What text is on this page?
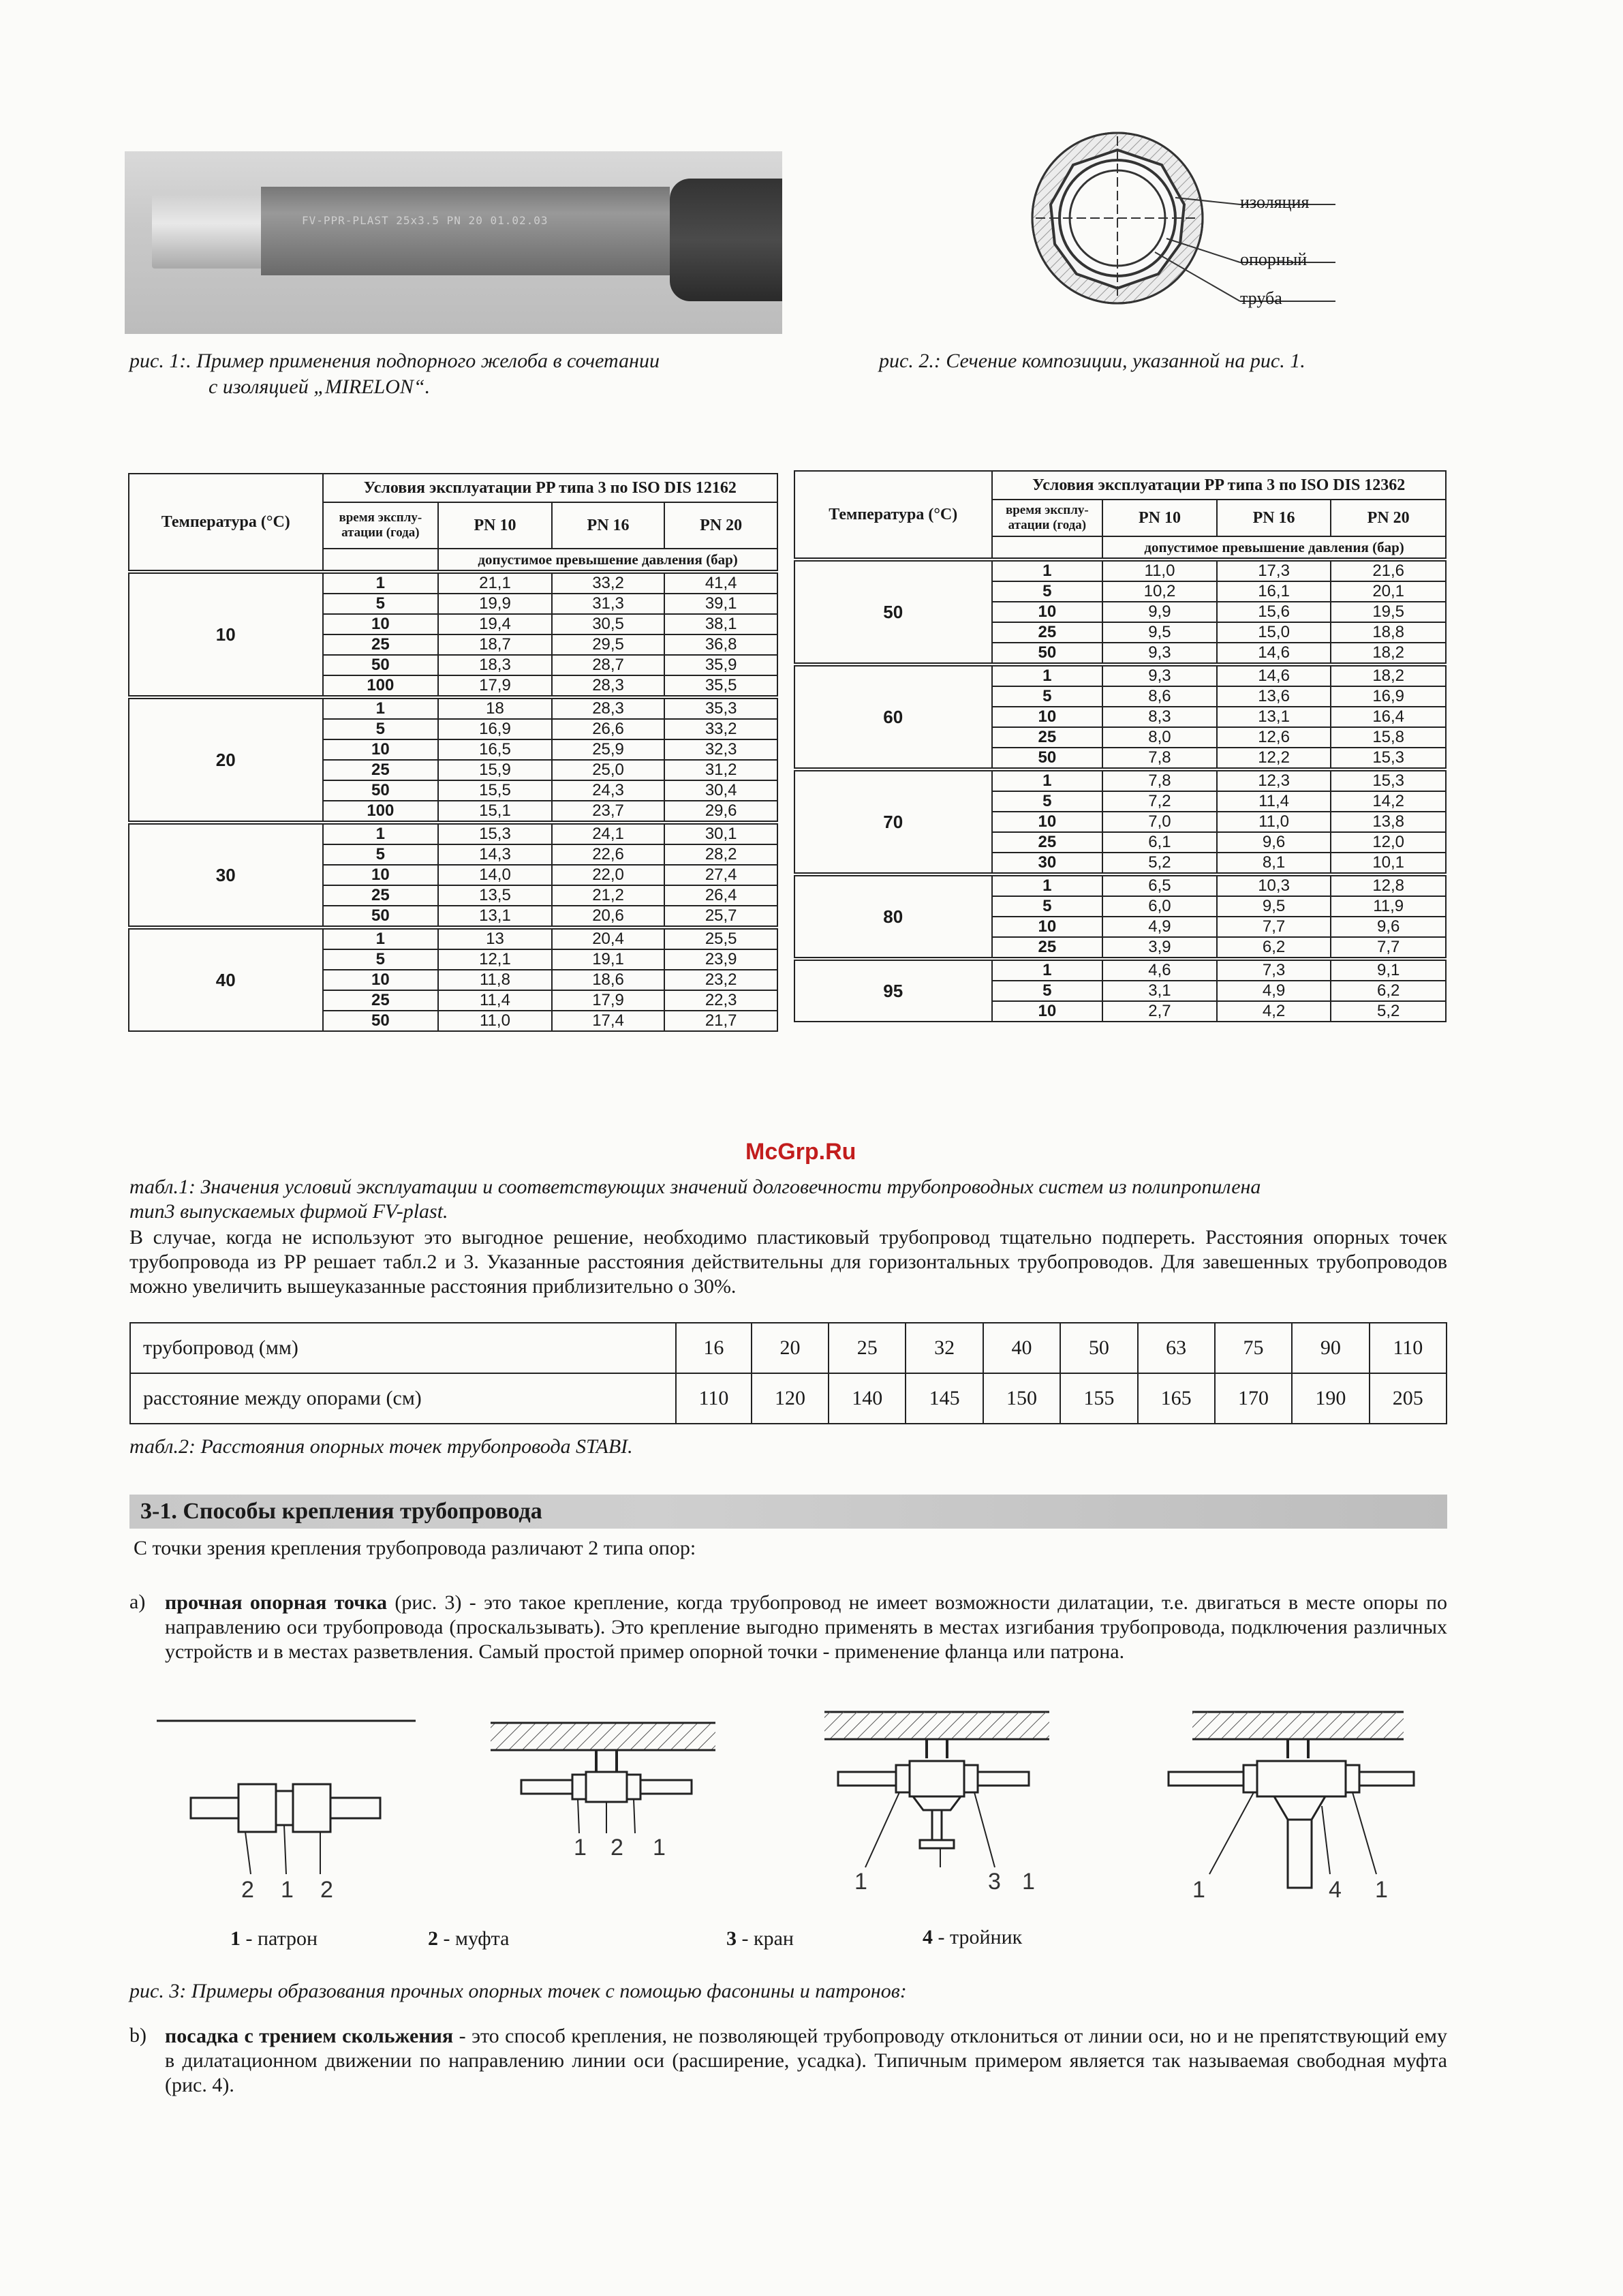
FV-PPR-PLAST 25x3.5 PN 20 01.02.03
рис. 1:. Пример применения подпорного желоба в сочетании
с изоляцией „MIRELON“.
изоляция
опорный
труба
рис. 2.: Сечение композиции, указанной на рис. 1.
Температура (°C)	Условия эксплуатации PP типа 3 по ISO DIS 12162			
	время эксплу-атации (года)	PN 10	PN 16	PN 20
		допустимое превышение давления (бар)		
10	1	21,1	33,2	41,4
	5	19,9	31,3	39,1
	10	19,4	30,5	38,1
	25	18,7	29,5	36,8
	50	18,3	28,7	35,9
	100	17,9	28,3	35,5
20	1	18	28,3	35,3
	5	16,9	26,6	33,2
	10	16,5	25,9	32,3
	25	15,9	25,0	31,2
	50	15,5	24,3	30,4
	100	15,1	23,7	29,6
30	1	15,3	24,1	30,1
	5	14,3	22,6	28,2
	10	14,0	22,0	27,4
	25	13,5	21,2	26,4
	50	13,1	20,6	25,7
40	1	13	20,4	25,5
	5	12,1	19,1	23,9
	10	11,8	18,6	23,2
	25	11,4	17,9	22,3
	50	11,0	17,4	21,7
Температура (°C)	Условия эксплуатации PP типа 3 по ISO DIS 12362			
	время эксплу-атации (года)	PN 10	PN 16	PN 20
		допустимое превышение давления (бар)		
50	1	11,0	17,3	21,6
	5	10,2	16,1	20,1
	10	9,9	15,6	19,5
	25	9,5	15,0	18,8
	50	9,3	14,6	18,2
60	1	9,3	14,6	18,2
	5	8,6	13,6	16,9
	10	8,3	13,1	16,4
	25	8,0	12,6	15,8
	50	7,8	12,2	15,3
70	1	7,8	12,3	15,3
	5	7,2	11,4	14,2
	10	7,0	11,0	13,8
	25	6,1	9,6	12,0
	30	5,2	8,1	10,1
80	1	6,5	10,3	12,8
	5	6,0	9,5	11,9
	10	4,9	7,7	9,6
	25	3,9	6,2	7,7
95	1	4,6	7,3	9,1
	5	3,1	4,9	6,2
	10	2,7	4,2	5,2
McGrp.Ru
табл.1: Значения условий эксплуатации и соответствующих значений долговечности трубопроводных систем из полипропилена
тип3 выпускаемых фирмой FV-plast.
В случае, когда не используют это выгодное решение, необходимо пластиковый трубопровод тщательно подпереть. Расстояния опорных точек трубопровода из PP решает табл.2 и 3. Указанные расстояния действительны для горизонтальных трубопроводов. Для завешенных трубопроводов можно увеличить вышеуказанные расстояния приблизительно о 30%.
трубопровод (мм)	16	20	25	32	40	50	63	75	90	110
расстояние между опорами (см)	110	120	140	145	150	155	165	170	190	205
табл.2: Расстояния опорных точек трубопровода STABI.
3-1. Способы крепления трубопровода
С точки зрения крепления трубопровода различают 2 типа опор:
a) прочная опорная точка (рис. 3) - это такое крепление, когда трубопровод не имеет возможности дилатации, т.е. двигаться в месте опоры по направлению оси трубопровода (проскальзывать). Это крепление выгодно применять в местах изгибания трубопровода, подключения различных устройств и в местах разветвления. Самый простой пример опорной точки - применение фланца или патрона.
2 1 2
1 2 1
1	3 1	1	4 1
1 - патрон	2 - муфта	3 - кран	4 - тройник
рис. 3: Примеры образования прочных опорных точек с помощью фасонины и патронов:
b) посадка с трением скольжения - это способ крепления, не позволяющей трубопроводу отклониться от линии оси, но и не препятствующий ему в дилатационном движении по направлению линии оси (расширение, усадка). Типичным примером является так называемая свободная муфта (рис. 4).
